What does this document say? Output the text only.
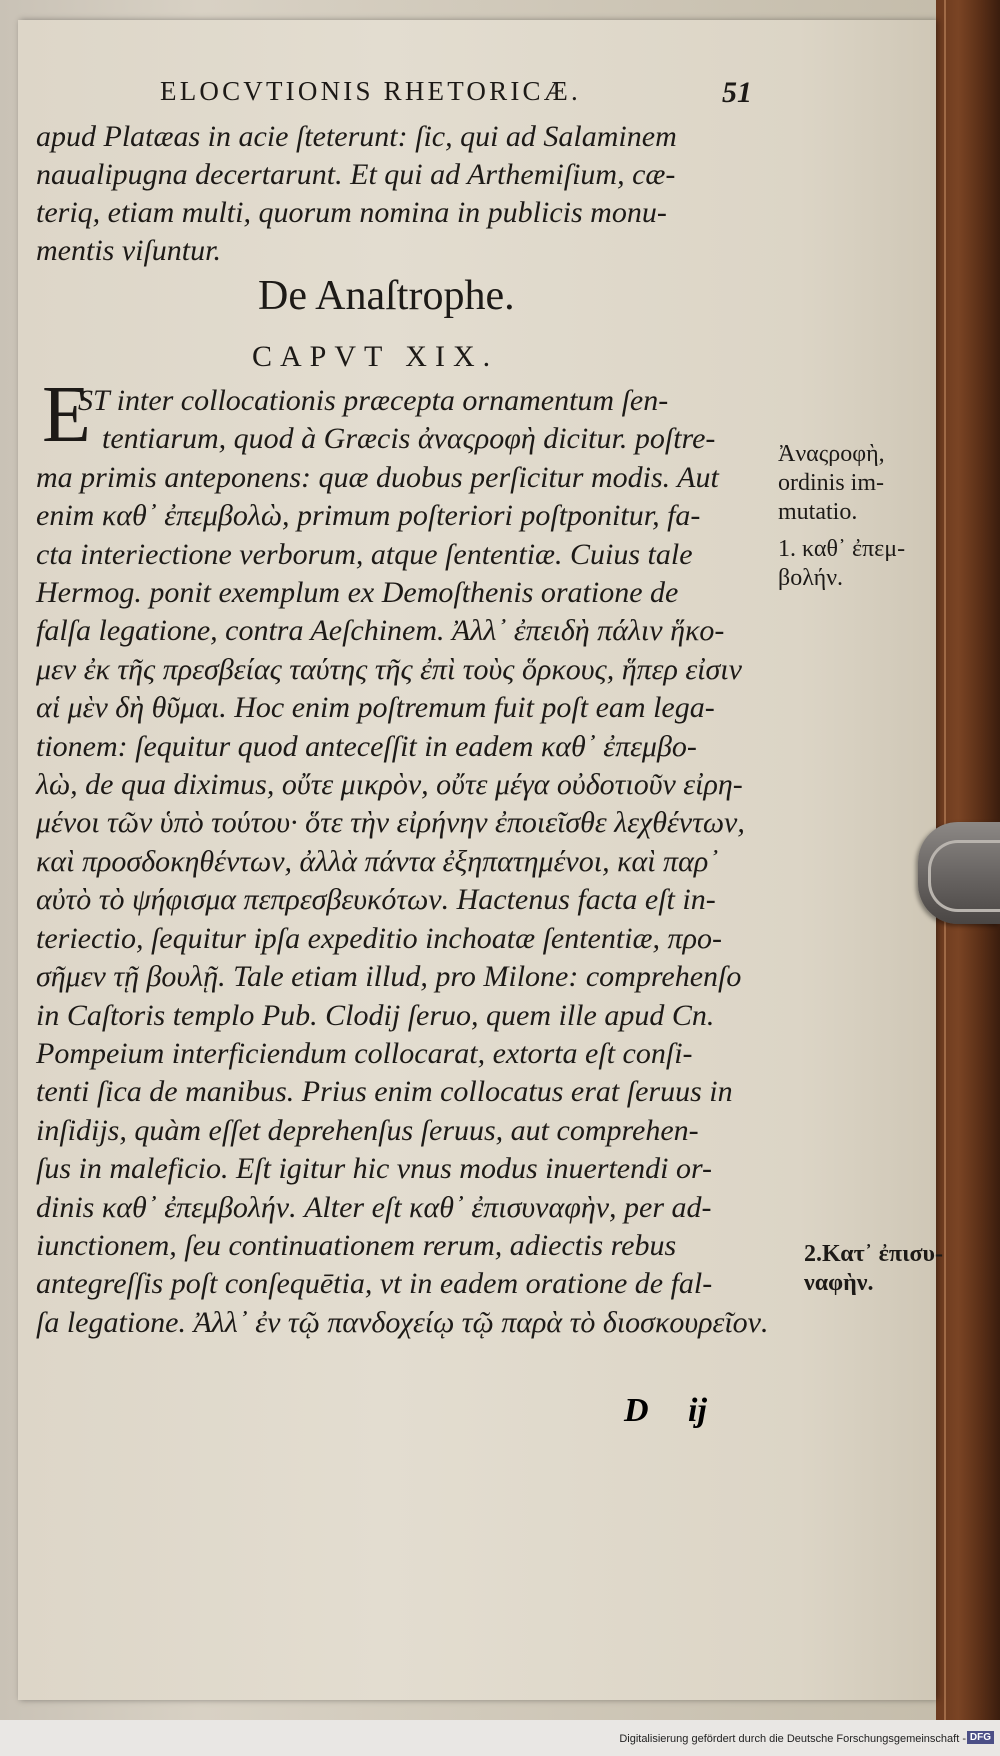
ELOCVTIONIS RHETORICÆ.	51
apud Platæas in acie ſteterunt: ſic, qui ad Salaminem
naualipugna decertarunt. Et qui ad Arthemiſium, cæ-
teriq, etiam multi, quorum nomina in publicis monu-
mentis viſuntur.
De Anaſtrophe.
CAPVT XIX.
E
ST inter collocationis præcepta ornamentum ſen-
tentiarum, quod à Græcis ἀναςροφὴ dicitur. poſtre-
ma primis anteponens: quæ duobus perſicitur modis. Aut
enim καθ᾽ ἐπεμβολὼ, primum poſteriori poſtponitur, fa-
cta interiectione verborum, atque ſententiæ. Cuius tale
Hermog. ponit exemplum ex Demoſthenis oratione de
falſa legatione, contra Aeſchinem. Ἀλλ᾽ ἐπειδὴ πάλιν ἥκο-
μεν ἐκ τῆς πρεσβείας ταύτης τῆς ἐπὶ τοὺς ὅρκους, ἥπερ εἰσιν
αἱ μὲν δὴ θῦμαι. Hoc enim poſtremum fuit poſt eam lega-
tionem: ſequitur quod anteceſſit in eadem καθ᾽ ἐπεμβο-
λὼ, de qua diximus, οὔτε μικρὸν, οὔτε μέγα οὐδοτιοῦν εἰρη-
μένοι τῶν ὑπὸ τούτου· ὅτε τὴν εἰρήνην ἐποιεῖσθε λεχθέντων,
καὶ προσδοκηθέντων, ἀλλὰ πάντα ἐξηπατημένοι, καὶ παρ᾽
αὐτὸ τὸ ψήφισμα πεπρεσβευκότων. Hactenus facta eſt in-
teriectio, ſequitur ipſa expeditio inchoatæ ſententiæ, προ-
σῆμεν τῇ βουλῇ. Tale etiam illud, pro Milone: comprehenſo
in Caſtoris templo Pub. Clodij ſeruo, quem ille apud Cn.
Pompeium interficiendum collocarat, extorta eſt conſi-
tenti ſica de manibus. Prius enim collocatus erat ſeruus in
inſidijs, quàm eſſet deprehenſus ſeruus, aut comprehen-
ſus in maleficio. Eſt igitur hic vnus modus inuertendi or-
dinis καθ᾽ ἐπεμβολήν. Alter eſt καθ᾽ ἐπισυναφὴν, per ad-
iunctionem, ſeu continuationem rerum, adiectis rebus
antegreſſis poſt conſequētia, vt in eadem oratione de fal-
ſa legatione. Ἀλλ᾽ ἐν τῷ πανδοχείῳ τῷ παρὰ τὸ διοσκουρεῖον.
Ἀναςροφὴ,
ordinis im-
mutatio.
1. καθ᾽ ἐπεμ-
βολήν.
2.Κατ᾽ ἐπισυ-
ναφὴν.
D ij
Digitalisierung gefördert durch die Deutsche Forschungsgemeinschaft - DFG
